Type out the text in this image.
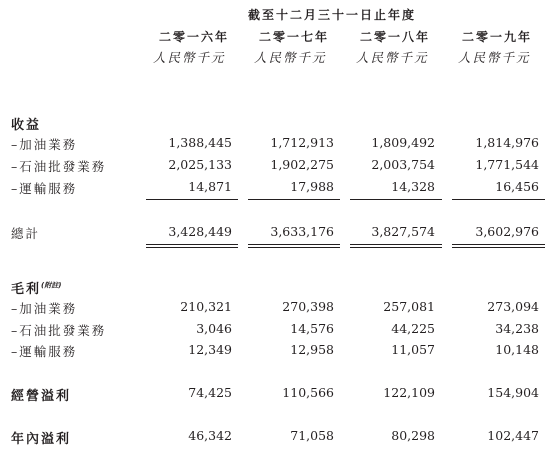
截至十二月三十一日止年度
二零一六年 二零一七年	二零一八年	二零一九年
人民幣千元 人民幣千元 人民幣千元 人民幣千元
收益
–加油業務	1,388,445	1,712,913	1,809,492	1,814,976
–石油批發業務	2,025,133	1,902,275	2,003,754	1,771,544
–運輸服務	14,871	17,988	14,328	16,456
總計	3,428,449	3,633,176	3,827,574	3,602,976
毛利$^{(附註)}$
–加油業務	210,321	270,398	257,081	273,094
–石油批發業務	3,046	14,576	44,225	34,238
–運輸服務	12,349	12,958	11,057	10,148
經營溢利	74,425	110,566	122,109	154,904
年內溢利	46,342	71,058	80,298	102,447
